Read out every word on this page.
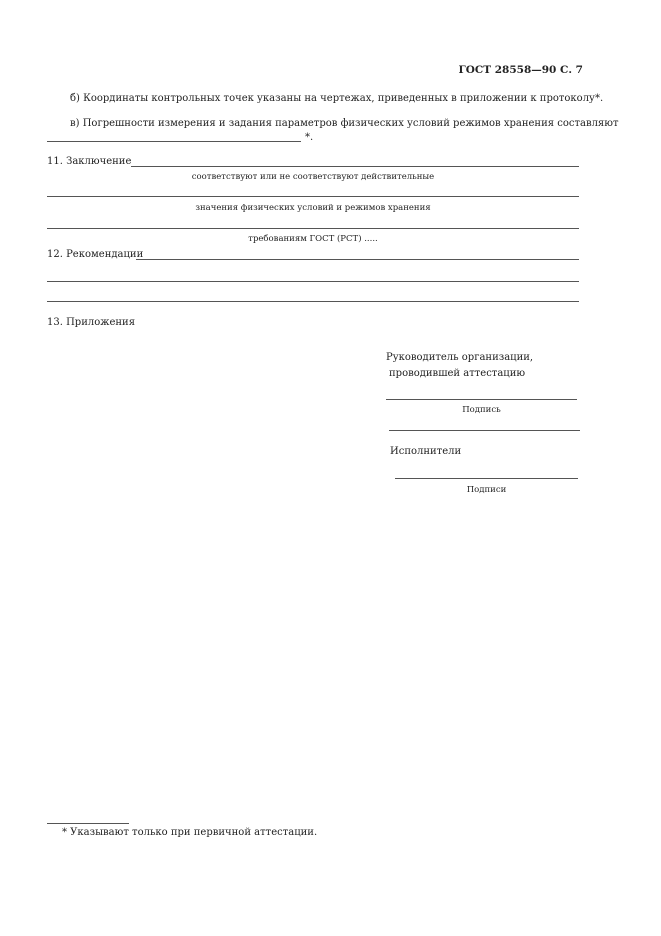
ГОСТ 28558—90 С. 7
б) Координаты контрольных точек указаны на чертежах, приведенных в приложении к протоколу*.
в) Погрешности измерения и задания параметров физических условий режимов хранения составляют
*.
11. Заключение
соответствуют или не соответствуют действительные
значения физических условий и режимов хранения
требованиям ГОСТ (РСТ) .....
12. Рекомендации
13. Приложения
Руководитель организации,
проводившей аттестацию
Подпись
Исполнители
Подписи
* Указывают только при первичной аттестации.
